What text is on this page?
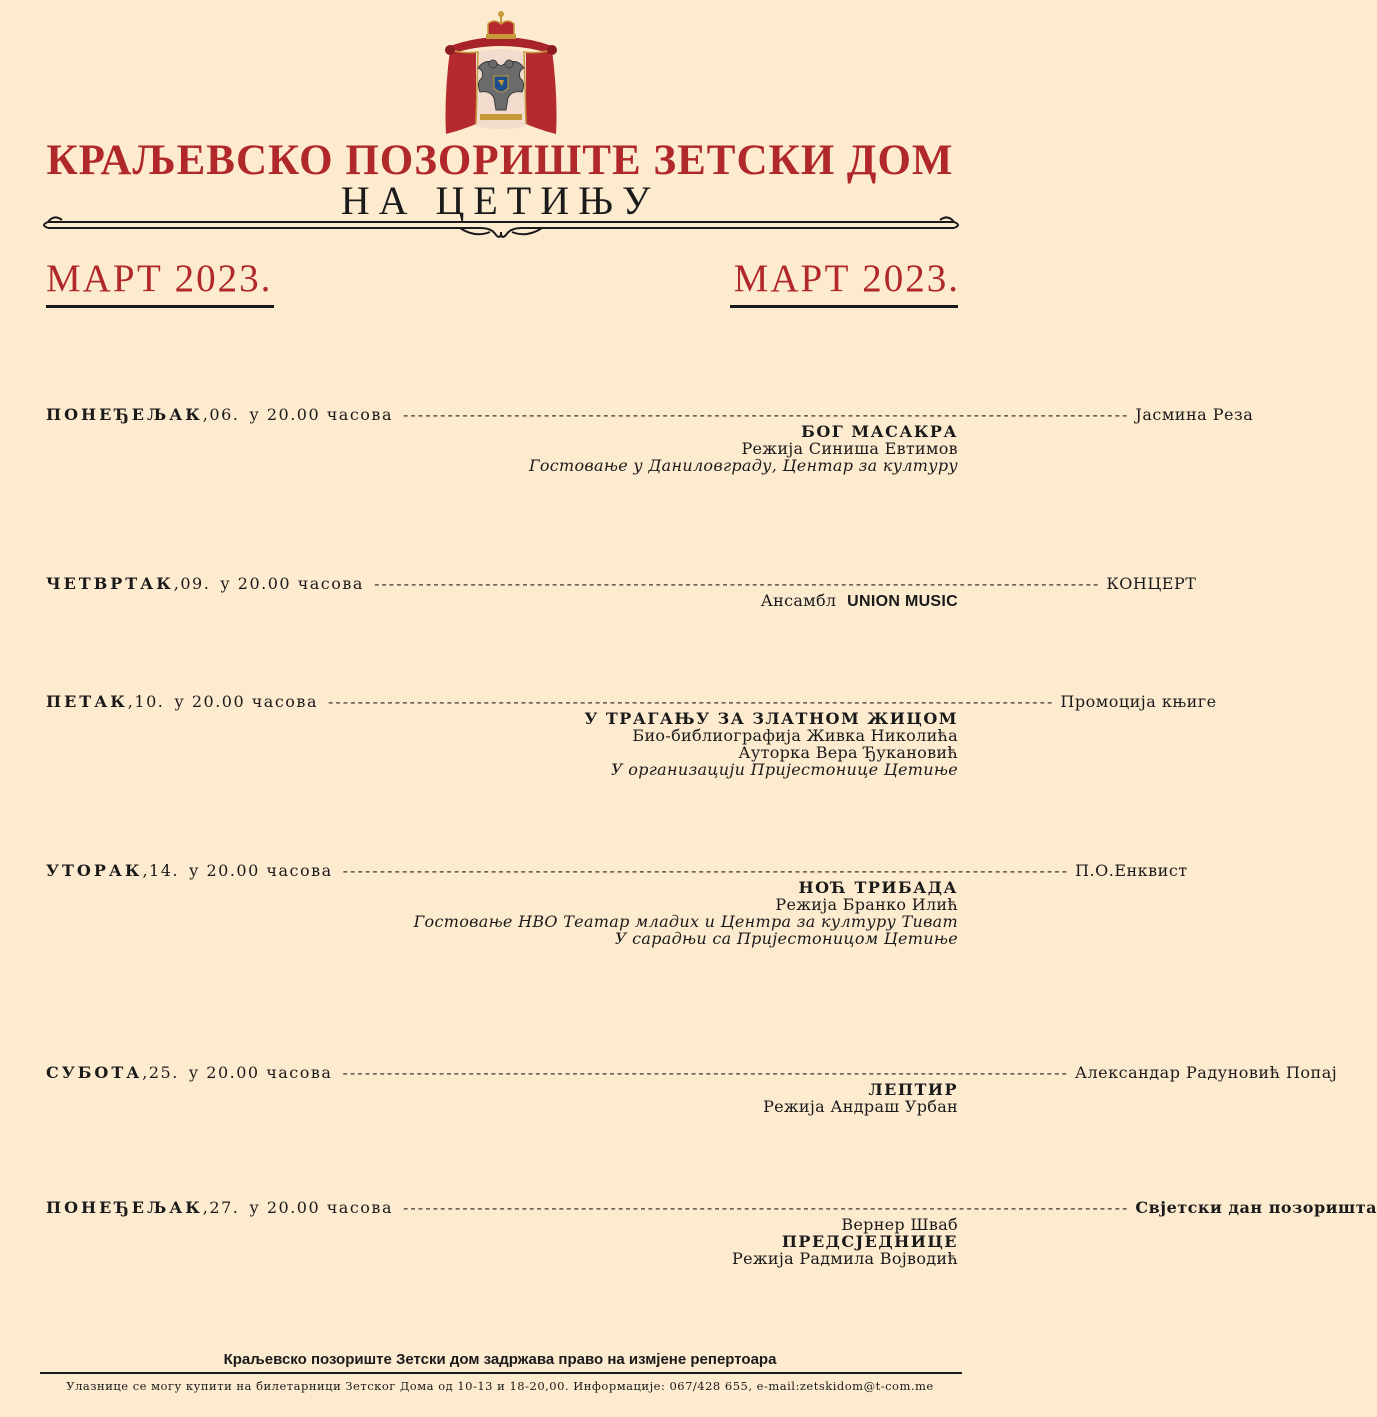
КРАЉЕВСКО ПОЗОРИШТЕ ЗЕТСКИ ДОМ
НА ЦЕТИЊУ
МАРТ 2023.	МАРТ 2023.
ПОНЕЂЕЉАК ,06. у 20.00 часова -------------------------------------------------------------------------------------------------- Јасмина Реза
БОГ МАСАКРА
Режија Синиша Евтимов
Гостовање у Даниловграду, Центар за културу
ЧЕТВРТАК ,09. у 20.00 часова -------------------------------------------------------------------------------------------------- КОНЦЕРТ
Ансамбл UNION MUSIC
ПЕТАК ,10. у 20.00 часова -------------------------------------------------------------------------------------------------- Промоција књиге
У ТРАГАЊУ ЗА ЗЛАТНОМ ЖИЦОМ
Био-библиографија Живка Николића
Ауторка Вера Ђукановић
У организацији Пријестонице Цетиње
УТОРАК ,14. у 20.00 часова -------------------------------------------------------------------------------------------------- П.О.Енквист
НОЋ ТРИБАДА
Режија Бранко Илић
Гостовање НВО Театар младих и Центра за културу Тиват
У сарадњи са Пријестоницом Цетиње
СУБОТА ,25. у 20.00 часова -------------------------------------------------------------------------------------------------- Александар Радуновић Попај
ЛЕПТИР
Режија Андраш Урбан
ПОНЕЂЕЉАК ,27. у 20.00 часова -------------------------------------------------------------------------------------------------- Свјетски дан позоришта
Вернер Шваб
ПРЕДСЈЕДНИЦЕ
Режија Радмила Војводић
Краљевско позориште Зетски дом задржава право на измјене репертоара
Улазнице се могу купити на билетарници Зетског Дома од 10-13 и 18-20,00. Информације: 067/428 655, e-mail:zetskidom@t-com.me
